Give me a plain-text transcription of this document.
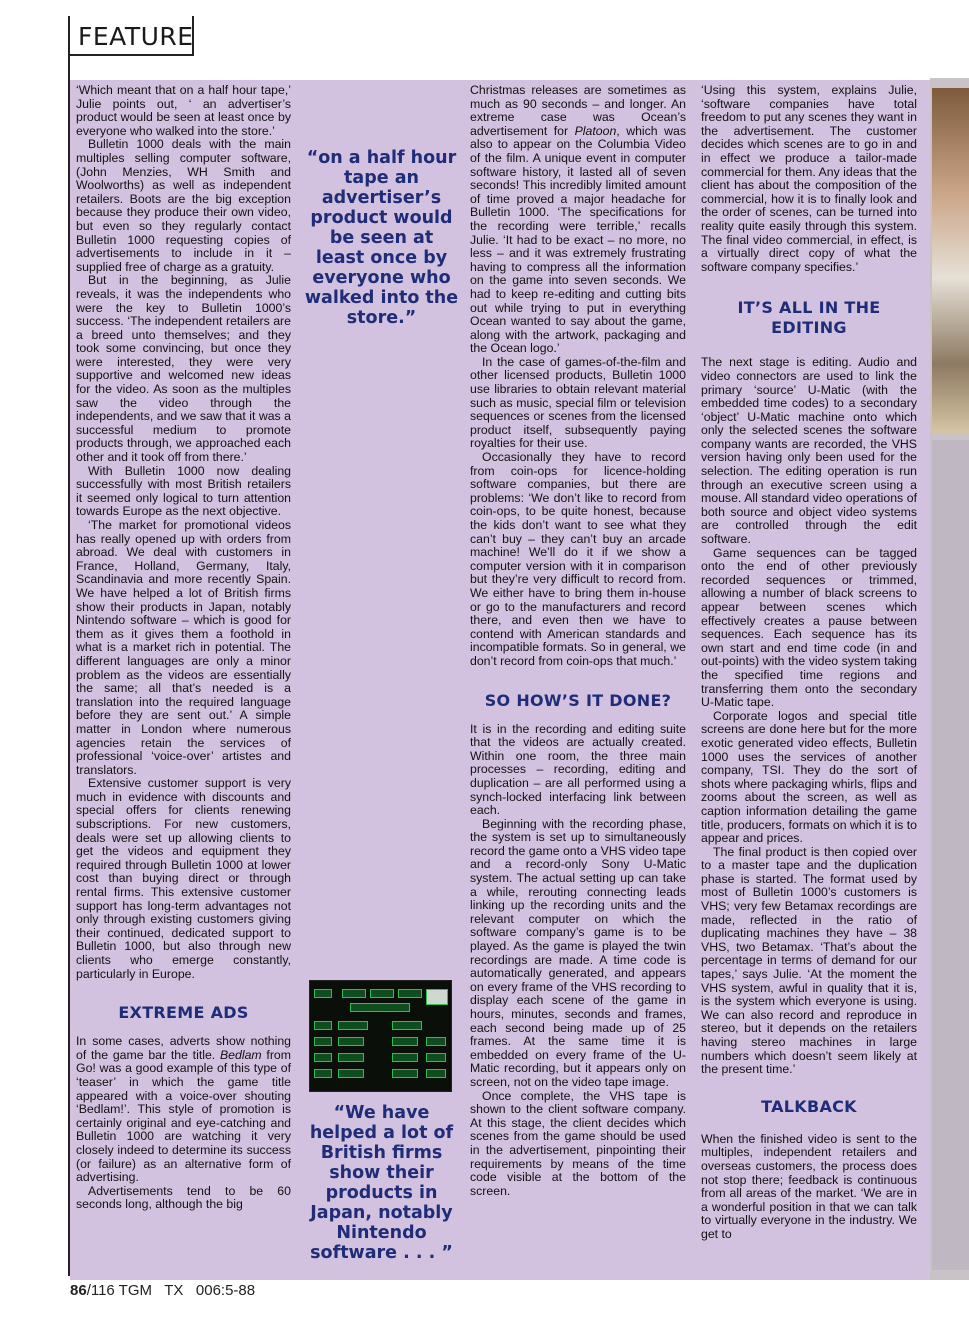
FEATURE

‘Which meant that on a half hour tape,’ Julie points out, ‘ an advertiser’s product would be seen at least once by everyone who walked into the store.’

Bulletin 1000 deals with the main multiples selling computer software, (John Menzies, WH Smith and Woolworths) as well as independent retailers. Boots are the big exception because they produce their own video, but even so they regularly contact Bulletin 1000 requesting copies of advertisements to include in it – supplied free of charge as a gratuity.

But in the beginning, as Julie reveals, it was the independents who were the key to Bulletin 1000’s success. ‘The independent retailers are a breed unto themselves; and they took some convincing, but once they were interested, they were very supportive and welcomed new ideas for the video. As soon as the multiples saw the video through the independents, and we saw that it was a successful medium to promote products through, we approached each other and it took off from there.’

With Bulletin 1000 now dealing successfully with most British retailers it seemed only logical to turn attention towards Europe as the next objective.

‘The market for promotional videos has really opened up with orders from abroad. We deal with customers in France, Holland, Germany, Italy, Scandinavia and more recently Spain. We have helped a lot of British firms show their products in Japan, notably Nintendo software – which is good for them as it gives them a foothold in what is a market rich in potential. The different languages are only a minor problem as the videos are essentially the same; all that’s needed is a translation into the required language before they are sent out.’ A simple matter in London where numerous agencies retain the services of professional ‘voice-over’ artistes and translators.

Extensive customer support is very much in evidence with discounts and special offers for clients renewing subscriptions. For new customers, deals were set up allowing clients to get the videos and equipment they required through Bulletin 1000 at lower cost than buying direct or through rental firms. This extensive customer support has long-term advantages not only through existing customers giving their continued, dedicated support to Bulletin 1000, but also through new clients who emerge constantly, particularly in Europe.

EXTREME ADS

In some cases, adverts show nothing of the game bar the title. Bedlam from Go! was a good example of this type of ‘teaser’ in which the game title appeared with a voice-over shouting ‘Bedlam!’. This style of promotion is certainly original and eye-catching and Bulletin 1000 are watching it very closely indeed to determine its success (or failure) as an alternative form of advertising.

Advertisements tend to be 60 seconds long, although the big

“on a half hour tape an advertiser’s product would be seen at least once by everyone who walked into the store.”
“We have helped a lot of British firms show their products in Japan, notably Nintendo software . . . ”

Christmas releases are sometimes as much as 90 seconds – and longer. An extreme case was Ocean’s advertisement for Platoon, which was also to appear on the Columbia Video of the film. A unique event in computer software history, it lasted all of seven seconds! This incredibly limited amount of time proved a major headache for Bulletin 1000. ‘The specifications for the recording were terrible,’ recalls Julie. ‘It had to be exact – no more, no less – and it was extremely frustrating having to compress all the information on the game into seven seconds. We had to keep re-editing and cutting bits out while trying to put in everything Ocean wanted to say about the game, along with the artwork, packaging and the Ocean logo.’

In the case of games-of-the-film and other licensed products, Bulletin 1000 use libraries to obtain relevant material such as music, special film or television sequences or scenes from the licensed product itself, subsequently paying royalties for their use.

Occasionally they have to record from coin-ops for licence-holding software companies, but there are problems: ‘We don’t like to record from coin-ops, to be quite honest, because the kids don’t want to see what they can’t buy – they can’t buy an arcade machine! We’ll do it if we show a computer version with it in comparison but they’re very difficult to record from. We either have to bring them in-house or go to the manufacturers and record there, and even then we have to contend with American standards and incompatible formats. So in general, we don’t record from coin-ops that much.’

SO HOW’S IT DONE?

It is in the recording and editing suite that the videos are actually created. Within one room, the three main processes – recording, editing and duplication – are all performed using a synch-locked interfacing link between each.

Beginning with the recording phase, the system is set up to simultaneously record the game onto a VHS video tape and a record-only Sony U-Matic system. The actual setting up can take a while, rerouting connecting leads linking up the recording units and the relevant computer on which the software company’s game is to be played. As the game is played the twin recordings are made. A time code is automatically generated, and appears on every frame of the VHS recording to display each scene of the game in hours, minutes, seconds and frames, each second being made up of 25 frames. At the same time it is embedded on every frame of the U-Matic recording, but it appears only on screen, not on the video tape image.

Once complete, the VHS tape is shown to the client software company. At this stage, the client decides which scenes from the game should be used in the advertisement, pinpointing their requirements by means of the time code visible at the bottom of the screen.

‘Using this system, explains Julie, ‘software companies have total freedom to put any scenes they want in the advertisement. The customer decides which scenes are to go in and in effect we produce a tailor-made commercial for them. Any ideas that the client has about the composition of the commercial, how it is to finally look and the order of scenes, can be turned into reality quite easily through this system. The final video commercial, in effect, is a virtually direct copy of what the software company specifies.’

IT’S ALL IN THE EDITING

The next stage is editing. Audio and video connectors are used to link the primary ‘source’ U-Matic (with the embedded time codes) to a secondary ‘object’ U-Matic machine onto which only the selected scenes the software company wants are recorded, the VHS version having only been used for the selection. The editing operation is run through an executive screen using a mouse. All standard video operations of both source and object video systems are controlled through the edit software.

Game sequences can be tagged onto the end of other previously recorded sequences or trimmed, allowing a number of black screens to appear between scenes which effectively creates a pause between sequences. Each sequence has its own start and end time code (in and out-points) with the video system taking the specified time regions and transferring them onto the secondary U-Matic tape.

Corporate logos and special title screens are done here but for the more exotic generated video effects, Bulletin 1000 uses the services of another company, TSI. They do the sort of shots where packaging whirls, flips and zooms about the screen, as well as caption information detailing the game title, producers, formats on which it is to appear and prices.

The final product is then copied over to a master tape and the duplication phase is started. The format used by most of Bulletin 1000’s customers is VHS; very few Betamax recordings are made, reflected in the ratio of duplicating machines they have – 38 VHS, two Betamax. ‘That’s about the percentage in terms of demand for our tapes,’ says Julie. ‘At the moment the VHS system, awful in quality that it is, is the system which everyone is using. We can also record and reproduce in stereo, but it depends on the retailers having stereo machines in large numbers which doesn’t seem likely at the present time.’

TALKBACK

When the finished video is sent to the multiples, independent retailers and overseas customers, the process does not stop there; feedback is continuous from all areas of the market. ‘We are in a wonderful position in that we can talk to virtually everyone in the industry. We get to

86/116 TGM   TX   006:5-88
